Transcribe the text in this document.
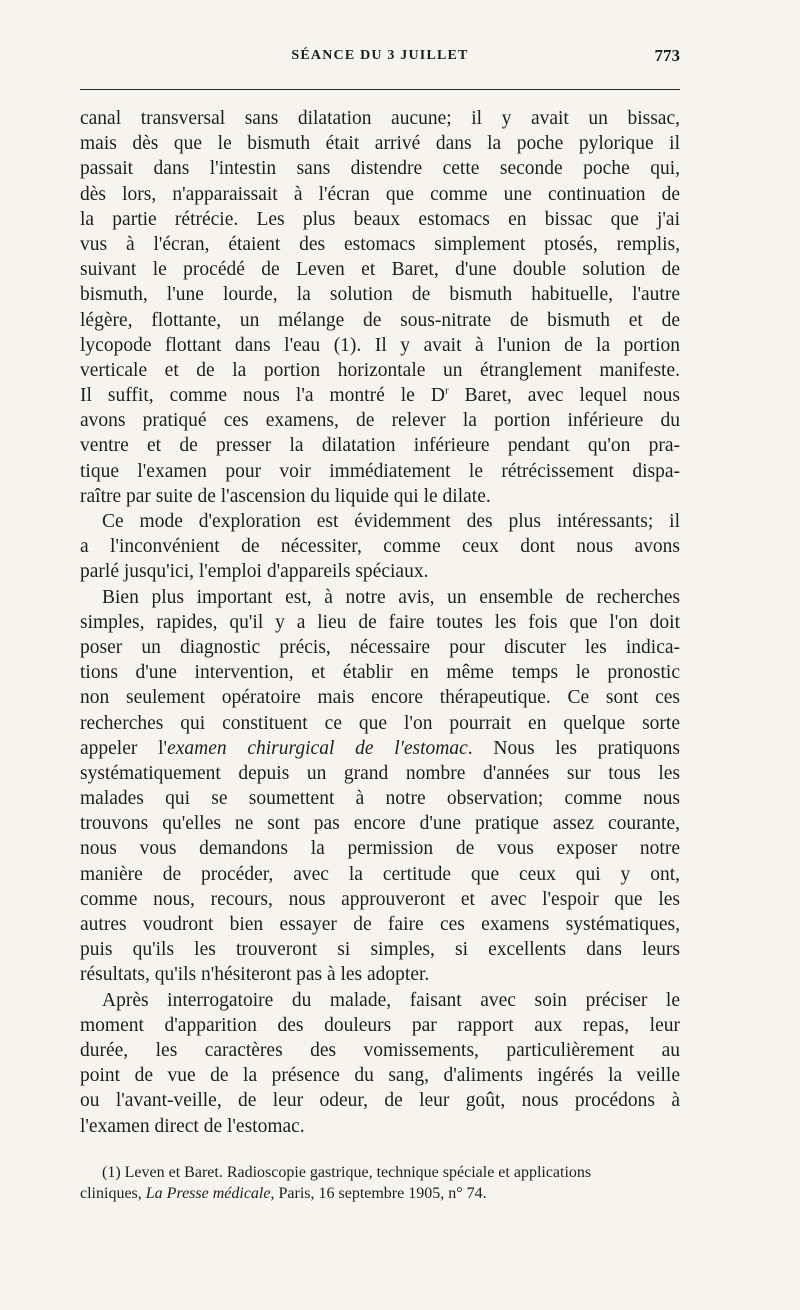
SÉANCE DU 3 JUILLET	773
canal transversal sans dilatation aucune; il y avait un bissac,
mais dès que le bismuth était arrivé dans la poche pylorique il
passait dans l'intestin sans distendre cette seconde poche qui,
dès lors, n'apparaissait à l'écran que comme une continuation de
la partie rétrécie. Les plus beaux estomacs en bissac que j'ai
vus à l'écran, étaient des estomacs simplement ptosés, remplis,
suivant le procédé de Leven et Baret, d'une double solution de
bismuth, l'une lourde, la solution de bismuth habituelle, l'autre
légère, flottante, un mélange de sous-nitrate de bismuth et de
lycopode flottant dans l'eau (1). Il y avait à l'union de la portion
verticale et de la portion horizontale un étranglement manifeste.
Il suffit, comme nous l'a montré le $D^r$ Baret, avec lequel nous
avons pratiqué ces examens, de relever la portion inférieure du
ventre et de presser la dilatation inférieure pendant qu'on pra-
tique l'examen pour voir immédiatement le rétrécissement dispa-
raître par suite de l'ascension du liquide qui le dilate.
Ce mode d'exploration est évidemment des plus intéressants; il
a l'inconvénient de nécessiter, comme ceux dont nous avons
parlé jusqu'ici, l'emploi d'appareils spéciaux.
Bien plus important est, à notre avis, un ensemble de recherches
simples, rapides, qu'il y a lieu de faire toutes les fois que l'on doit
poser un diagnostic précis, nécessaire pour discuter les indica-
tions d'une intervention, et établir en même temps le pronostic
non seulement opératoire mais encore thérapeutique. Ce sont ces
recherches qui constituent ce que l'on pourrait en quelque sorte
appeler l'examen chirurgical de l'estomac. Nous les pratiquons
systématiquement depuis un grand nombre d'années sur tous les
malades qui se soumettent à notre observation; comme nous
trouvons qu'elles ne sont pas encore d'une pratique assez courante,
nous vous demandons la permission de vous exposer notre
manière de procéder, avec la certitude que ceux qui y ont,
comme nous, recours, nous approuveront et avec l'espoir que les
autres voudront bien essayer de faire ces examens systématiques,
puis qu'ils les trouveront si simples, si excellents dans leurs
résultats, qu'ils n'hésiteront pas à les adopter.
Après interrogatoire du malade, faisant avec soin préciser le
moment d'apparition des douleurs par rapport aux repas, leur
durée, les caractères des vomissements, particulièrement au
point de vue de la présence du sang, d'aliments ingérés la veille
ou l'avant-veille, de leur odeur, de leur goût, nous procédons à
l'examen direct de l'estomac.
(1) Leven et Baret. Radioscopie gastrique, technique spéciale et applications
cliniques, La Presse médicale, Paris, 16 septembre 1905, n° 74.
